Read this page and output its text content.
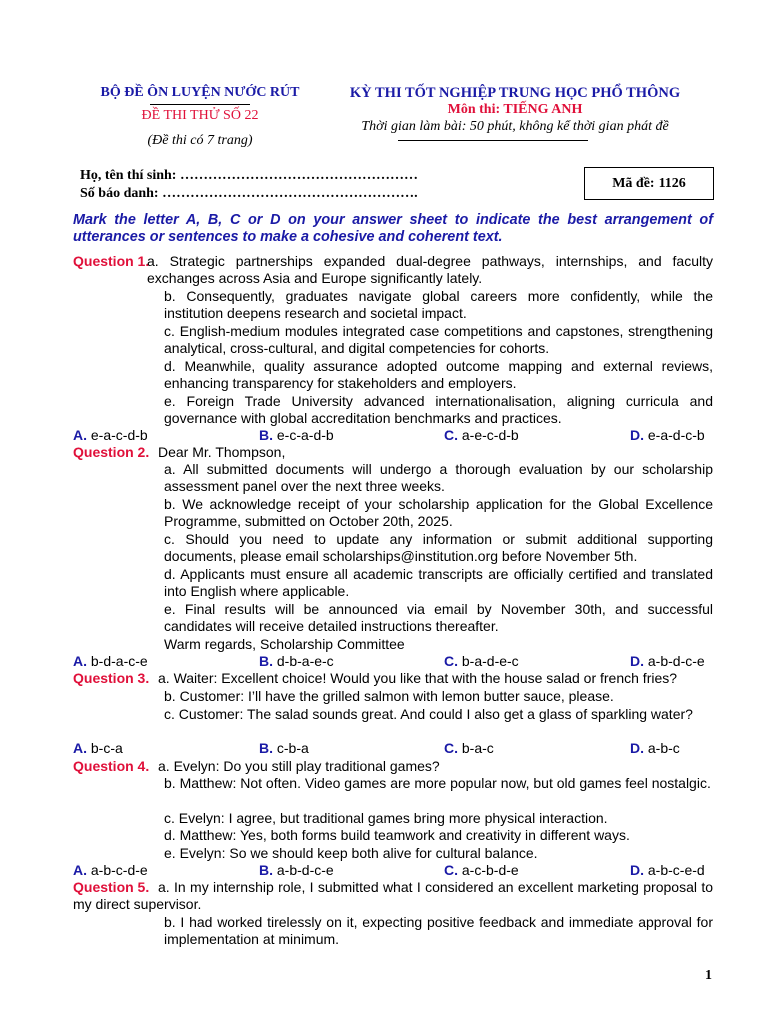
BỘ ĐỀ ÔN LUYỆN NƯỚC RÚT
ĐỀ THI THỬ SỐ 22
(Đề thi có 7 trang)
KỲ THI TỐT NGHIỆP TRUNG HỌC PHỔ THÔNG
Môn thi: TIẾNG ANH
Thời gian làm bài: 50 phút, không kể thời gian phát đề
Họ, tên thí sinh: ……………………………………………
Số báo danh: ……………………………………………….
Mã đề: 1126
Mark the letter A, B, C or D on your answer sheet to indicate the best arrangement of utterances or sentences to make a cohesive and coherent text.
Question 1.
a. Strategic partnerships expanded dual-degree pathways, internships, and faculty exchanges across Asia and Europe significantly lately.
b. Consequently, graduates navigate global careers more confidently, while the institution deepens research and societal impact.
c. English-medium modules integrated case competitions and capstones, strengthening analytical, cross-cultural, and digital competencies for cohorts.
d. Meanwhile, quality assurance adopted outcome mapping and external reviews, enhancing transparency for stakeholders and employers.
e. Foreign Trade University advanced internationalisation, aligning curricula and governance with global accreditation benchmarks and practices.
A. e-a-c-d-b	B. e-c-a-d-b	C. a-e-c-d-b	D. e-a-d-c-b
Question 2. Dear Mr. Thompson,
a. All submitted documents will undergo a thorough evaluation by our scholarship assessment panel over the next three weeks.
b. We acknowledge receipt of your scholarship application for the Global Excellence Programme, submitted on October 20th, 2025.
c. Should you need to update any information or submit additional supporting documents, please email scholarships@institution.org before November 5th.
d. Applicants must ensure all academic transcripts are officially certified and translated into English where applicable.
e. Final results will be announced via email by November 30th, and successful candidates will receive detailed instructions thereafter.
Warm regards, Scholarship Committee
A. b-d-a-c-e	B. d-b-a-e-c	C. b-a-d-e-c	D. a-b-d-c-e
Question 3. a. Waiter: Excellent choice! Would you like that with the house salad or french fries?
b. Customer: I’ll have the grilled salmon with lemon butter sauce, please.
c. Customer: The salad sounds great. And could I also get a glass of sparkling water?
A. b-c-a	B. c-b-a	C. b-a-c	D. a-b-c
Question 4. a. Evelyn: Do you still play traditional games?
b. Matthew: Not often. Video games are more popular now, but old games feel nostalgic.
c. Evelyn: I agree, but traditional games bring more physical interaction.
d. Matthew: Yes, both forms build teamwork and creativity in different ways.
e. Evelyn: So we should keep both alive for cultural balance.
A. a-b-c-d-e	B. a-b-d-c-e	C. a-c-b-d-e	D. a-b-c-e-d
Question 5. a. In my internship role, I submitted what I considered an excellent marketing proposal to my direct supervisor.
b. I had worked tirelessly on it, expecting positive feedback and immediate approval for implementation at minimum.
1
